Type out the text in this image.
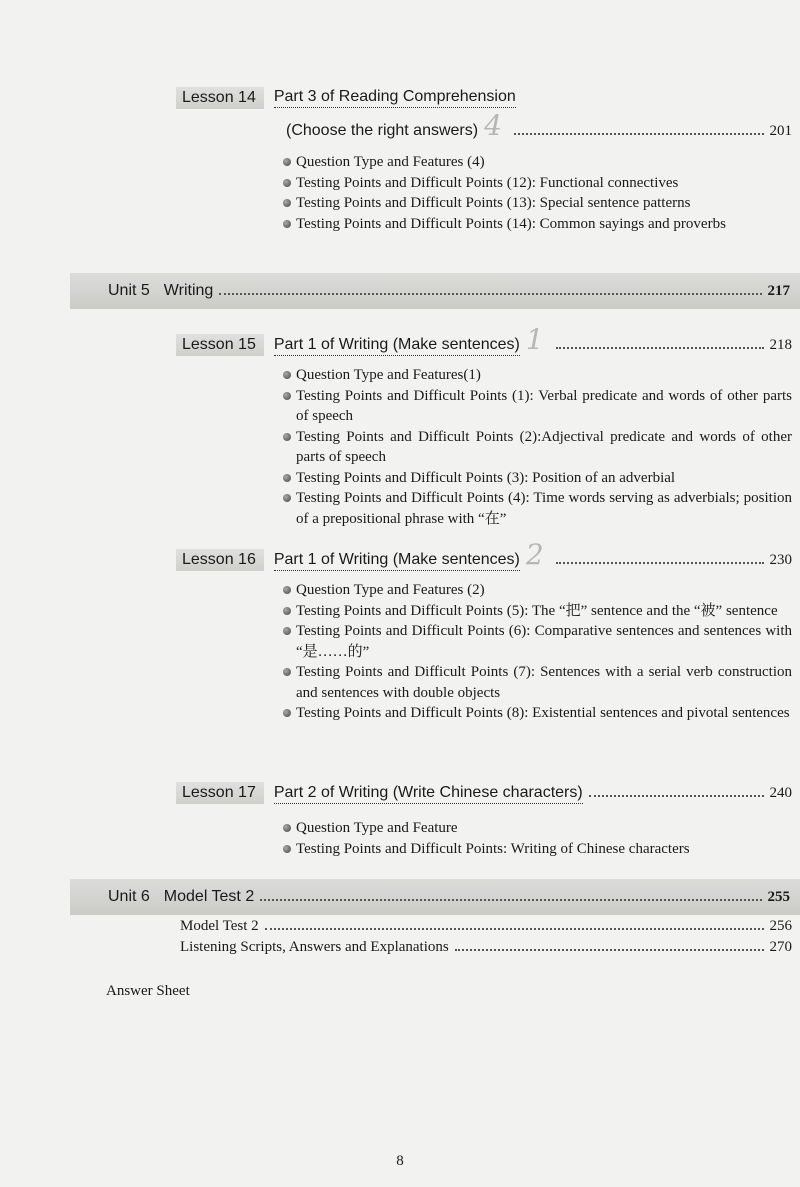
Lesson 14	Part 3 of Reading Comprehension
(Choose the right answers) 4	201
Question Type and Features (4)
Testing Points and Difficult Points (12): Functional connectives
Testing Points and Difficult Points (13): Special sentence patterns
Testing Points and Difficult Points (14): Common sayings and proverbs
Unit 5 Writing	217
Lesson 15	Part 1 of Writing (Make sentences) 1	218
Question Type and Features(1)
Testing Points and Difficult Points (1): Verbal predicate and words of other parts of speech
Testing Points and Difficult Points (2):Adjectival predicate and words of other parts of speech
Testing Points and Difficult Points (3): Position of an adverbial
Testing Points and Difficult Points (4): Time words serving as adverbials; position of a prepositional phrase with “在”
Lesson 16	Part 1 of Writing (Make sentences) 2	230
Question Type and Features (2)
Testing Points and Difficult Points (5): The “把” sentence and the “被” sentence
Testing Points and Difficult Points (6): Comparative sentences and sentences with “是……的”
Testing Points and Difficult Points (7): Sentences with a serial verb construction and sentences with double objects
Testing Points and Difficult Points (8): Existential sentences and pivotal sentences
Lesson 17	Part 2 of Writing (Write Chinese characters)	240
Question Type and Feature
Testing Points and Difficult Points: Writing of Chinese characters
Unit 6 Model Test 2	255
Model Test 2	256
Listening Scripts, Answers and Explanations	270
Answer Sheet
8
